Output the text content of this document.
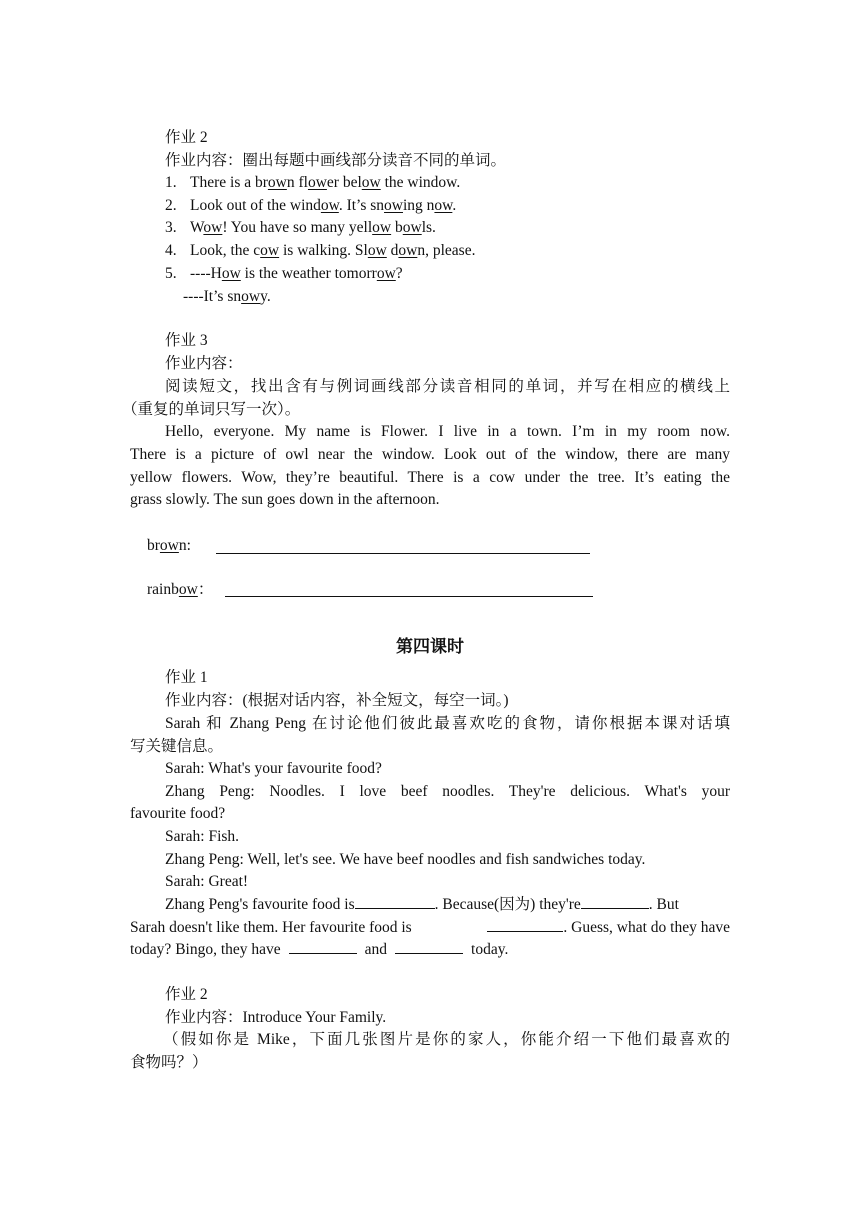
作业 2
作业内容：圈出每题中画线部分读音不同的单词。
1. There is a brown flower below the window.
2. Look out of the window. It’s snowing now.
3. Wow! You have so many yellow bowls.
4. Look, the cow is walking. Slow down, please.
5. ----How is the weather tomorrow?
----It’s snowy.
作业 3
作业内容：
阅读短文，找出含有与例词画线部分读音相同的单词，并写在相应的横线上
（重复的单词只写一次）。
Hello, everyone. My name is Flower. I live in a town. I’m in my room now.
There is a picture of owl near the window. Look out of the window, there are many
yellow flowers. Wow, they’re beautiful. There is a cow under the tree. It’s eating the
grass slowly. The sun goes down in the afternoon.
brown:
rainbow：
第四课时
作业 1
作业内容：(根据对话内容，补全短文，每空一词。)
Sarah 和 Zhang Peng 在讨论他们彼此最喜欢吃的食物，请你根据本课对话填
写关键信息。
Sarah: What's your favourite food?
Zhang Peng: Noodles. I love beef noodles. They're delicious. What's your
favourite food?
Sarah: Fish.
Zhang Peng: Well, let's see. We have beef noodles and fish sandwiches today.
Sarah: Great!
Zhang Peng's favourite food is	. Because(因为) they're	. But
Sarah doesn't like them. Her favourite food is	. Guess, what do they have
today? Bingo, they have	and	today.
作业 2
作业内容：Introduce Your Family.
（假如你是 Mike，下面几张图片是你的家人，你能介绍一下他们最喜欢的
食物吗？）
